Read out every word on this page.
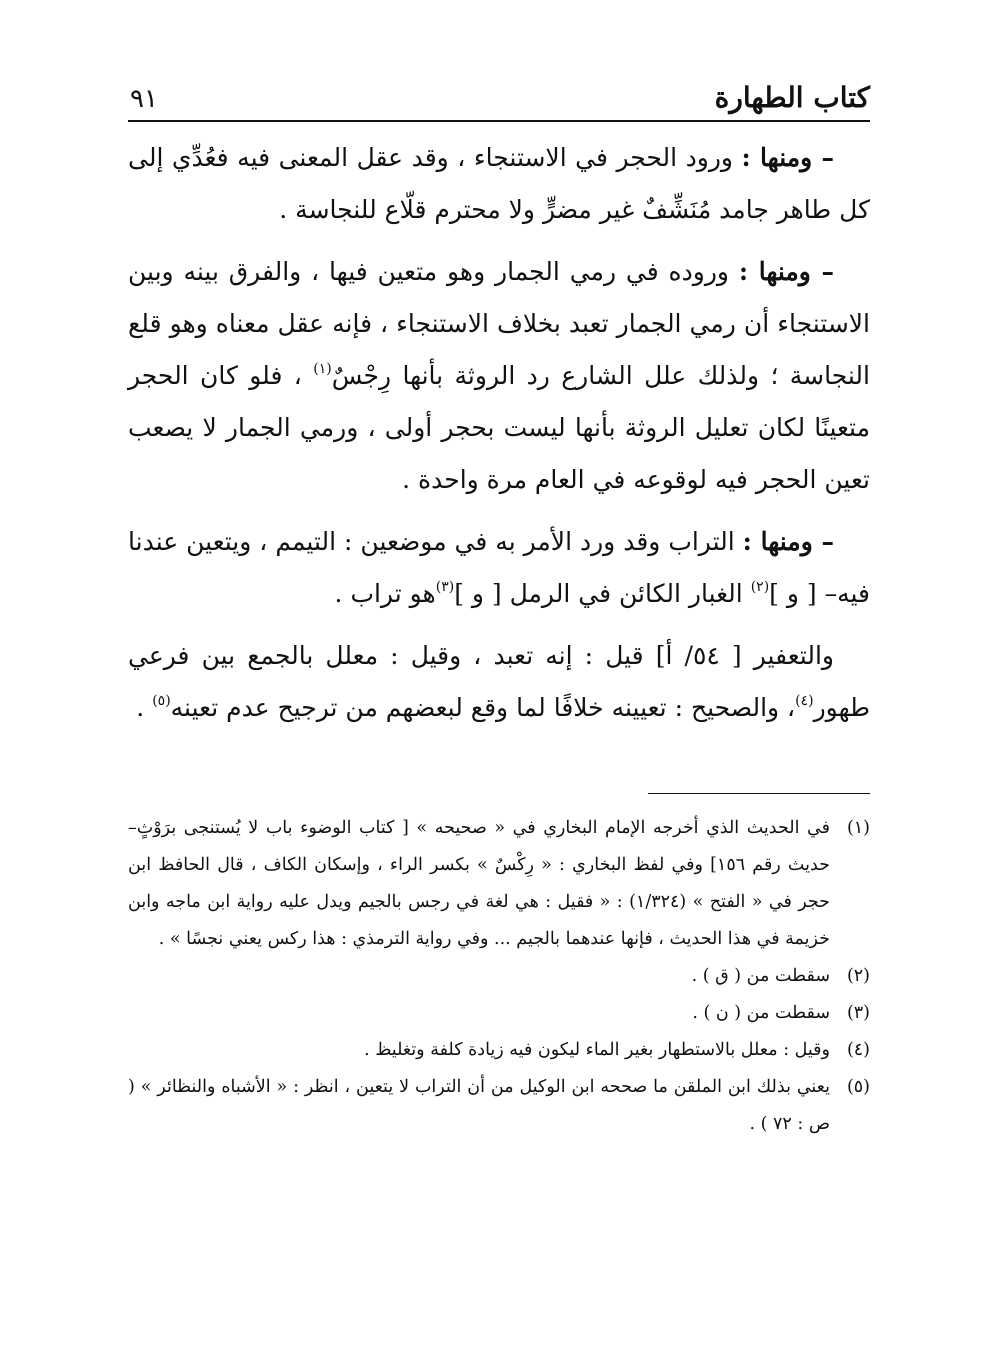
كتاب الطهارة
٩١

– ومنها : ورود الحجر في الاستنجاء ، وقد عقل المعنى فيه فعُدِّي إلى كل طاهر جامد مُنَشِّفٌ غير مضرٍّ ولا محترم قلّاع للنجاسة .

– ومنها : وروده في رمي الجمار وهو متعين فيها ، والفرق بينه وبين الاستنجاء أن رمي الجمار تعبد بخلاف الاستنجاء ، فإنه عقل معناه وهو قلع النجاسة ؛ ولذلك علل الشارع رد الروثة بأنها رِجْسٌ$^{(١)}$ ، فلو كان الحجر متعينًا لكان تعليل الروثة بأنها ليست بحجر أولى ، ورمي الجمار لا يصعب تعين الحجر فيه لوقوعه في العام مرة واحدة .

– ومنها : التراب وقد ورد الأمر به في موضعين : التيمم ، ويتعين عندنا فيه– [ و ]$^{(٢)}$ الغبار الكائن في الرمل [ و ]$^{(٣)}$هو تراب .

والتعفير [ ٥٤/ أ] قيل : إنه تعبد ، وقيل : معلل بالجمع بين فرعي طهور$^{(٤)}$، والصحيح : تعيينه خلافًا لما وقع لبعضهم من ترجيح عدم تعينه$^{(٥)}$ .

(١)
في الحديث الذي أخرجه الإمام البخاري في « صحيحه » [ كتاب الوضوء باب لا يُستنجى برَوْثٍ– حديث رقم ١٥٦] وفي لفظ البخاري : « رِكْسٌ » بكسر الراء ، وإسكان الكاف ، قال الحافظ ابن حجر في « الفتح » (١/٣٢٤) : « فقيل : هي لغة في رجس بالجيم ويدل عليه رواية ابن ماجه وابن خزيمة في هذا الحديث ، فإنها عندهما بالجيم ... وفي رواية الترمذي : هذا ركس يعني نجسًا » .
(٢)
سقطت من ( ق ) .
(٣)
سقطت من ( ن ) .
(٤)
وقيل : معلل بالاستطهار بغير الماء ليكون فيه زيادة كلفة وتغليظ .
(٥)
يعني بذلك ابن الملقن ما صححه ابن الوكيل من أن التراب لا يتعين ، انظر : « الأشباه والنظائر » ( ص : ٧٢ ) .
